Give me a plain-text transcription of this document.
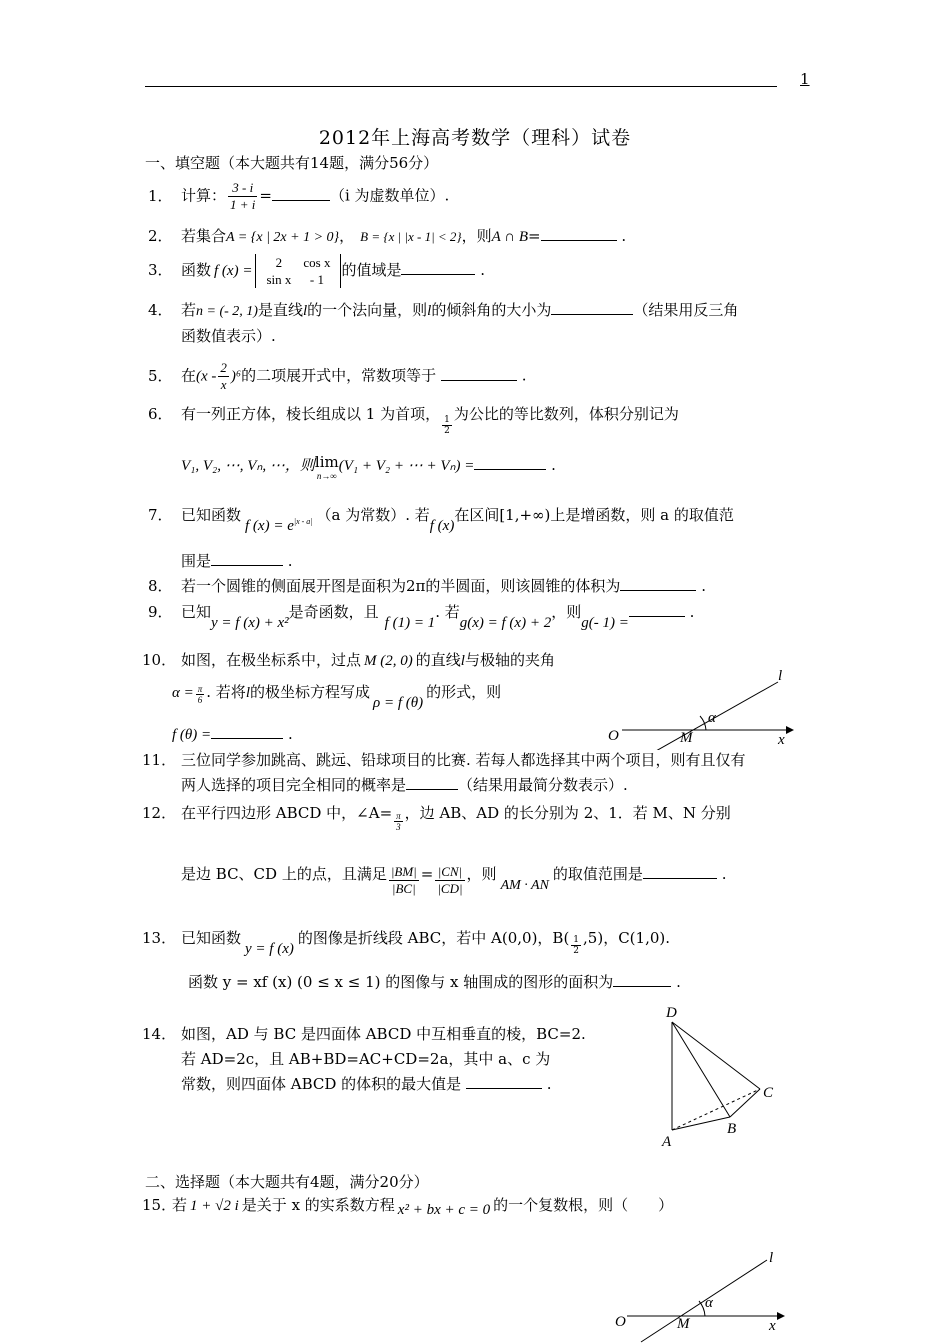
1
2012年上海高考数学（理科）试卷
一、填空题（本大题共有14题，满分56分）
1． 计算： $\frac{3 - i}{1 + i}$ =	（i 为虚数单位）.
2． 若集合A = {x | 2x + 1 > 0}， B = {x | |x - 1| < 2}，则A ∩ B=	.
3． 函数 f (x) =
2	cos x
sin x	- 1
的值域是	.
4． 若n = (- 2, 1)是直线l的一个法向量，则l的倾斜角的大小为	（结果用反三角
函数值表示）.
5． 在$(x - \frac{2}{x} )^6$的二项展开式中，常数项等于	.
6． 有一列正方体，棱长组成以 1 为首项，
$\frac{1}{2}$
为公比的等比数列，体积分别记为
V₁, V₂, ⋯, Vₙ, ⋯，则 lim
n→∞
(V₁ + V₂ + ⋯ + Vₙ) =	.
7． 已知函数f $(x) = e^{|x - a|}$ （a 为常数）. 若f (x)在区间[1,+∞)上是增函数，则 a 的取值范
围是	.
8． 若一个圆锥的侧面展开图是面积为2π的半圆面，则该圆锥的体积为	.
9． 已知y = f (x) + x²是奇函数，且f (1) = 1. 若g(x) = f (x) + 2，则g(- 1) = .
10． 如图，在极坐标系中，过点 M (2, 0) 的直线l与极轴的夹角
$\alpha = \frac{\pi}{6}$ . 若将l的极坐标方程写成ρ = f (θ)的形式，则
f (θ) =	.	O	M
α
l
x
11． 三位同学参加跳高、跳远、铅球项目的比赛. 若每人都选择其中两个项目，则有且仅有
两人选择的项目完全相同的概率是	（结果用最简分数表示）.
12． 在平行四边形 ABCD 中，∠A= $\frac{\pi}{3}$ ，边 AB、AD 的长分别为 2、1．若 M、N 分别
是边 BC、CD 上的点，且满足 $\frac{|BM|}{|BC|} = \frac{|CN|}{|CD|}$ ，则AM · AN的取值范围是	.
13． 已知函数y = f (x)的图像是折线段 ABC，若中 A(0,0)，$B( \frac{1}{2} ,5)$，C(1,0).
函数 y = xf (x) (0 ≤ x ≤ 1) 的图像与 x 轴围成的图形的面积为	.
14． 如图，AD 与 BC 是四面体 ABCD 中互相垂直的棱，BC=2.
若 AD=2c，且 AB+BD=AC+CD=2a，其中 a、c 为
常数，则四面体 ABCD 的体积的最大值是	.
D
A
B
C
二、选择题（本大题共有4题，满分20分）
15．若 1 + √2 i 是关于 x 的实系数方程 x² + bx + c = 0 的一个复数根，则（　　）
O	M
α
l
x
